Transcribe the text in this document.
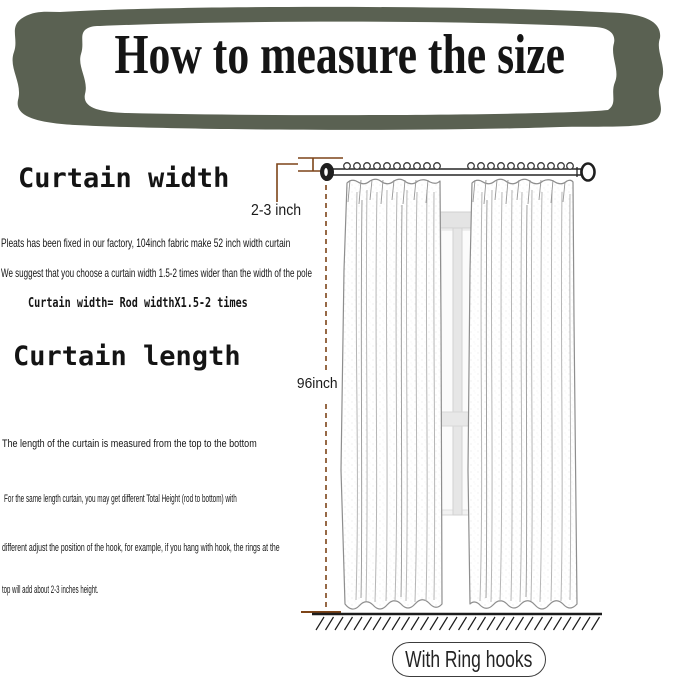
How to measure the size
Curtain width
2-3 inch
Pleats has been fixed in our factory, 104inch fabric make 52 inch width curtain
We suggest that you choose a curtain width 1.5-2 times wider than the width of the pole
Curtain width= Rod widthX1.5-2 times
Curtain length
96inch
The length of the curtain is measured from the top to the bottom
For the same length curtain, you may get different Total Height (rod to bottom) with
different adjust the position of the hook, for example, if you hang with hook, the rings at the
top will add about 2-3 inches height.
With Ring hooks
